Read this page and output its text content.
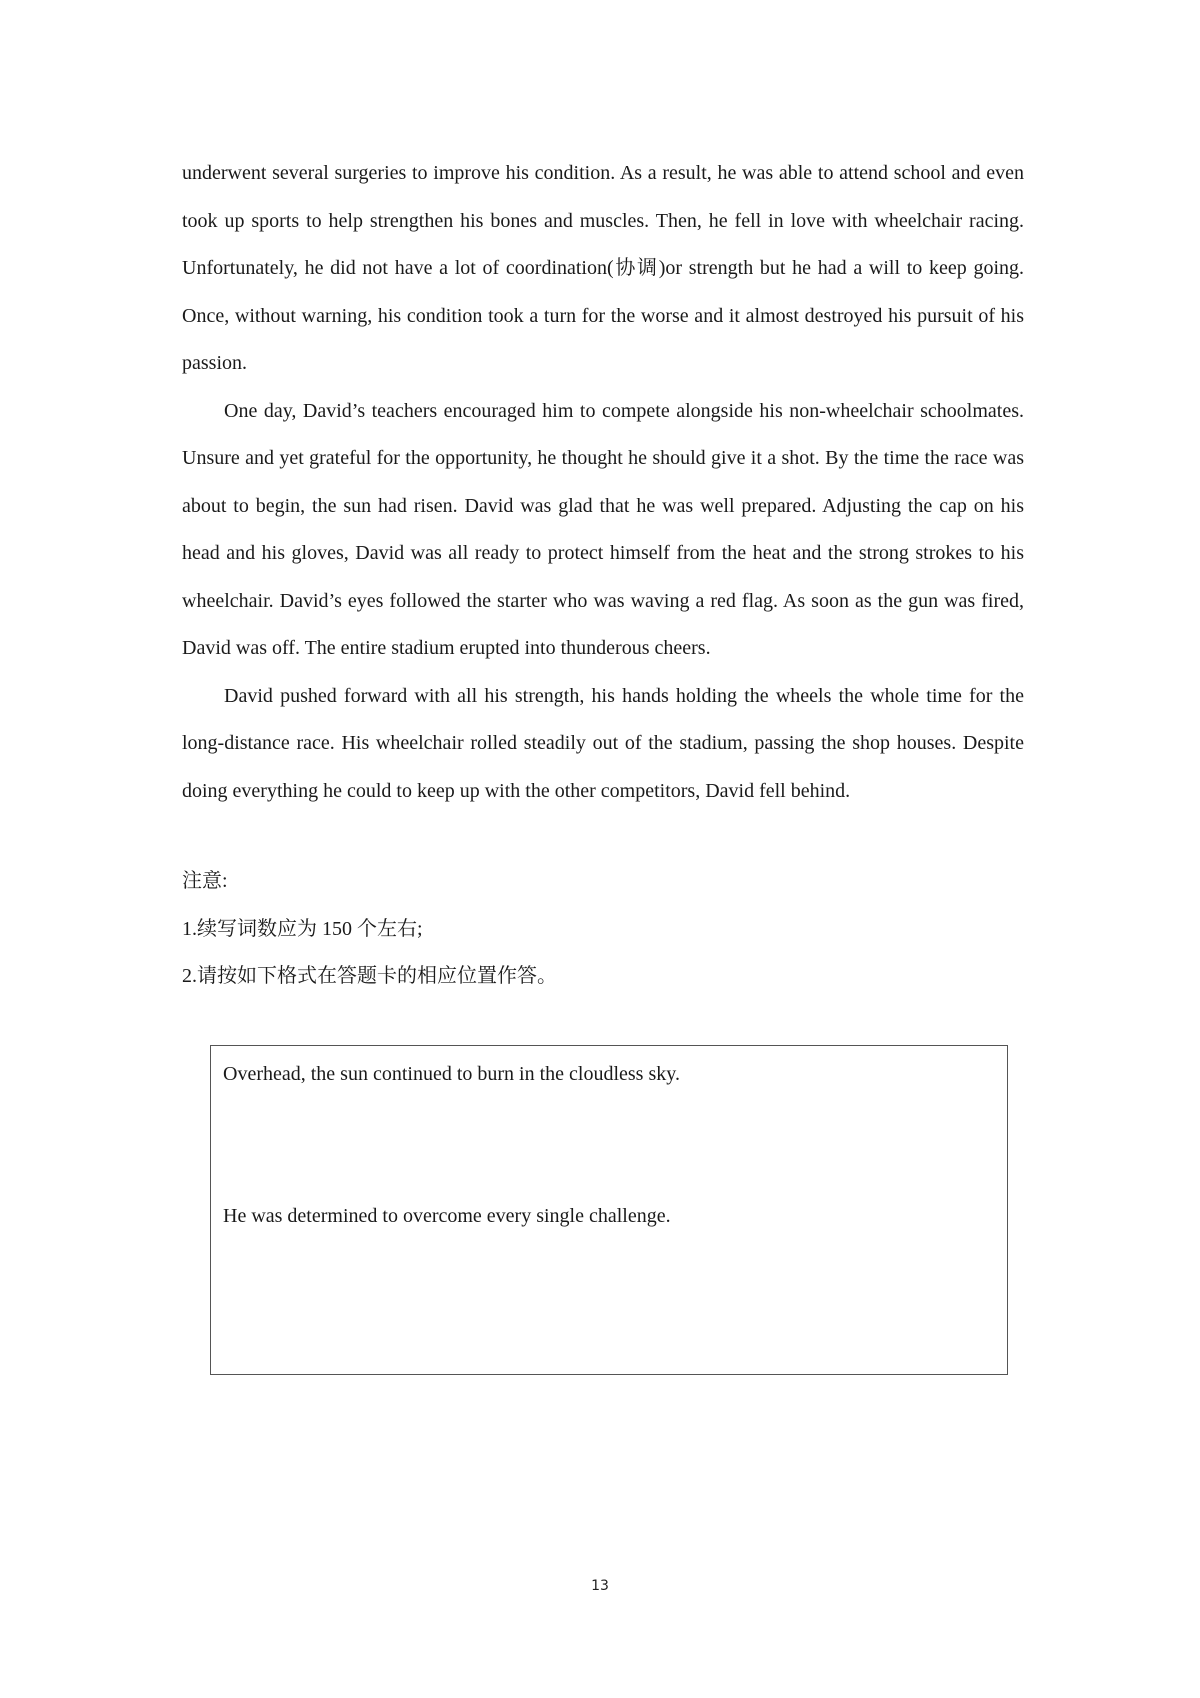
underwent several surgeries to improve his condition. As a result, he was able to attend school and even took up sports to help strengthen his bones and muscles. Then, he fell in love with wheelchair racing. Unfortunately, he did not have a lot of coordination(协调)or strength but he had a will to keep going. Once, without warning, his condition took a turn for the worse and it almost destroyed his pursuit of his passion.

One day, David’s teachers encouraged him to compete alongside his non-wheelchair schoolmates. Unsure and yet grateful for the opportunity, he thought he should give it a shot. By the time the race was about to begin, the sun had risen. David was glad that he was well prepared. Adjusting the cap on his head and his gloves, David was all ready to protect himself from the heat and the strong strokes to his wheelchair. David’s eyes followed the starter who was waving a red flag. As soon as the gun was fired, David was off. The entire stadium erupted into thunderous cheers.

David pushed forward with all his strength, his hands holding the wheels the whole time for the long-distance race. His wheelchair rolled steadily out of the stadium, passing the shop houses. Despite doing everything he could to keep up with the other competitors, David fell behind.

注意:

1.续写词数应为 150 个左右;

2.请按如下格式在答题卡的相应位置作答。

Overhead, the sun continued to burn in the cloudless sky.

He was determined to overcome every single challenge.

13
